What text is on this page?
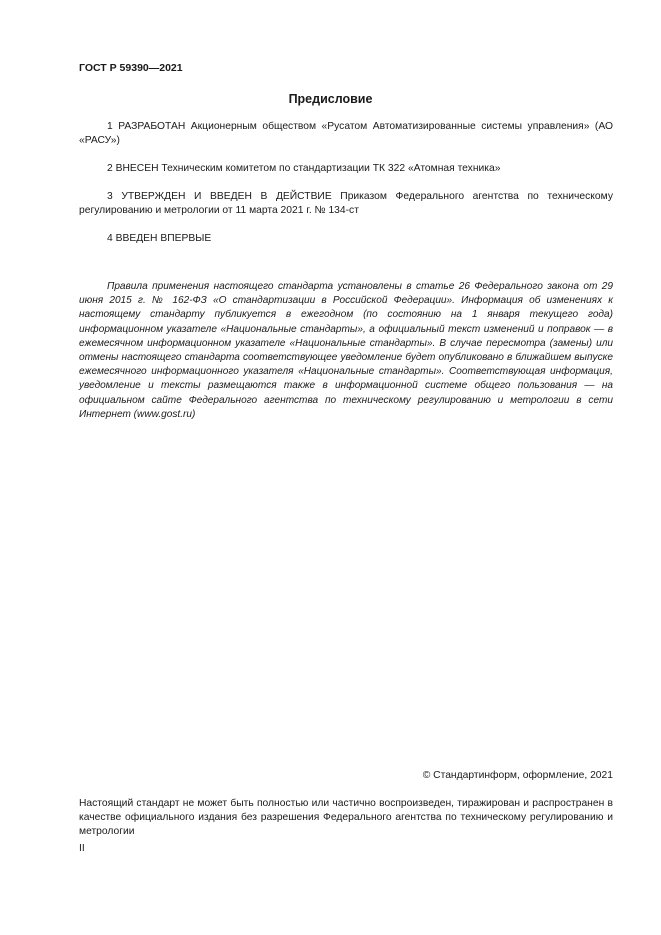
ГОСТ Р 59390—2021
Предисловие
1 РАЗРАБОТАН Акционерным обществом «Русатом Автоматизированные системы управления» (АО «РАСУ»)
2 ВНЕСЕН Техническим комитетом по стандартизации ТК 322 «Атомная техника»
3 УТВЕРЖДЕН И ВВЕДЕН В ДЕЙСТВИЕ Приказом Федерального агентства по техническому регулированию и метрологии от 11 марта 2021 г. № 134-ст
4 ВВЕДЕН ВПЕРВЫЕ
Правила применения настоящего стандарта установлены в статье 26 Федерального закона от 29 июня 2015 г. № 162-ФЗ «О стандартизации в Российской Федерации». Информация об изменениях к настоящему стандарту публикуется в ежегодном (по состоянию на 1 января текущего года) информационном указателе «Национальные стандарты», а официальный текст изменений и поправок — в ежемесячном информационном указателе «Национальные стандарты». В случае пересмотра (замены) или отмены настоящего стандарта соответствующее уведомление будет опубликовано в ближайшем выпуске ежемесячного информационного указателя «Национальные стандарты». Соответствующая информация, уведомление и тексты размещаются также в информационной системе общего пользования — на официальном сайте Федерального агентства по техническому регулированию и метрологии в сети Интернет (www.gost.ru)
© Стандартинформ, оформление, 2021
Настоящий стандарт не может быть полностью или частично воспроизведен, тиражирован и распространен в качестве официального издания без разрешения Федерального агентства по техническому регулированию и метрологии
II
